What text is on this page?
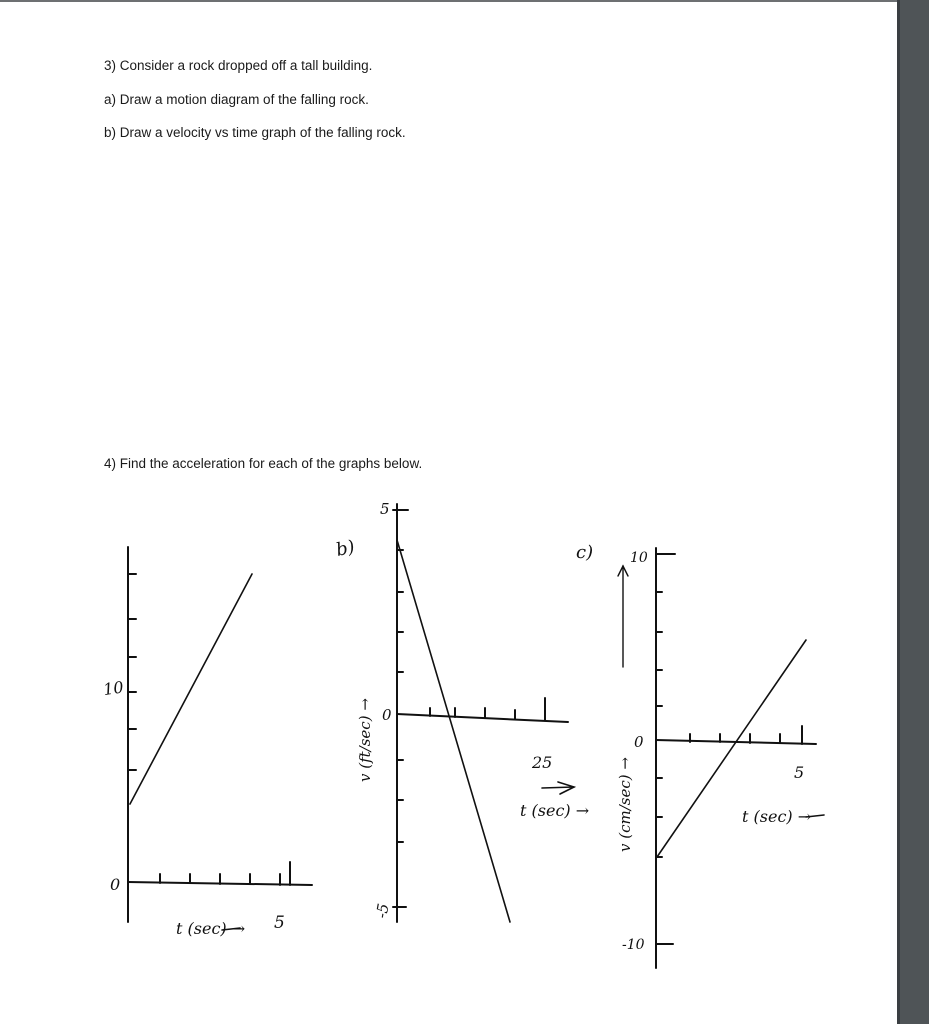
3) Consider a rock dropped off a tall building.
a) Draw a motion diagram of the falling rock.
b) Draw a velocity vs time graph of the falling rock.
4) Find the acceleration for each of the graphs below.
10
0
t (sec) → 5
b)
5
0
-5
v (ft/sec) →	25
t (sec) →
c)	10
0
-10
v (cm/sec) →	5
t (sec) →
